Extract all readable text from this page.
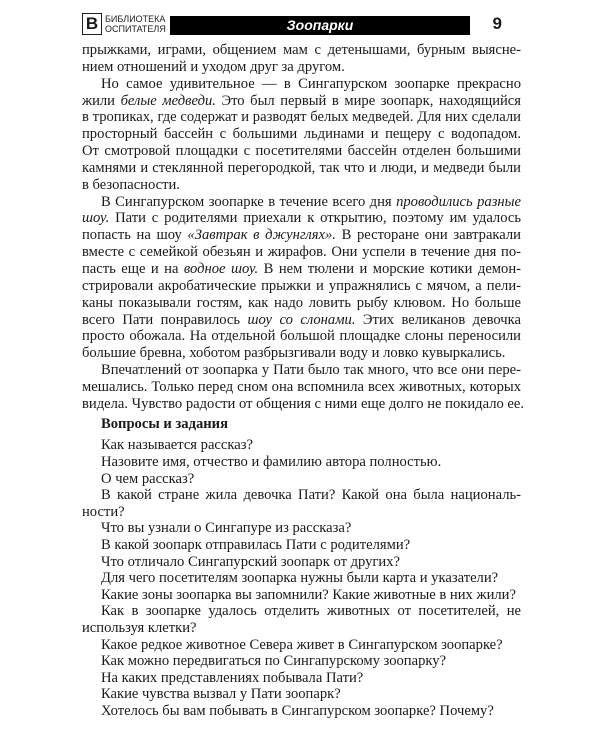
В БИБЛИОТЕКА
ОСПИТАТЕЛЯ	Зоопарки	9
прыжками, играми, общением мам с детенышами, бурным выясне-
нием отношений и уходом друг за другом.
Но самое удивительное — в Сингапурском зоопарке прекрасно
жили белые медведи. Это был первый в мире зоопарк, находящийся
в тропиках, где содержат и разводят белых медведей. Для них сделали
просторный бассейн с большими льдинами и пещеру с водопадом.
От смотровой площадки с посетителями бассейн отделен большими
камнями и стеклянной перегородкой, так что и люди, и медведи были
в безопасности.
В Сингапурском зоопарке в течение всего дня проводились разные
шоу. Пати с родителями приехали к открытию, поэтому им удалось
попасть на шоу «Завтрак в джунглях». В ресторане они завтракали
вместе с семейкой обезьян и жирафов. Они успели в течение дня по-
пасть еще и на водное шоу. В нем тюлени и морские котики демон-
стрировали акробатические прыжки и упражнялись с мячом, а пели-
каны показывали гостям, как надо ловить рыбу клювом. Но больше
всего Пати понравилось шоу со слонами. Этих великанов девочка
просто обожала. На отдельной большой площадке слоны переносили
большие бревна, хоботом разбрызгивали воду и ловко кувыркались.
Впечатлений от зоопарка у Пати было так много, что все они пере-
мешались. Только перед сном она вспомнила всех животных, которых
видела. Чувство радости от общения с ними еще долго не покидало ее.
Вопросы и задания
Как называется рассказ?
Назовите имя, отчество и фамилию автора полностью.
О чем рассказ?
В какой стране жила девочка Пати? Какой она была националь-
ности?
Что вы узнали о Сингапуре из рассказа?
В какой зоопарк отправилась Пати с родителями?
Что отличало Сингапурский зоопарк от других?
Для чего посетителям зоопарка нужны были карта и указатели?
Какие зоны зоопарка вы запомнили? Какие животные в них жили?
Как в зоопарке удалось отделить животных от посетителей, не
используя клетки?
Какое редкое животное Севера живет в Сингапурском зоопарке?
Как можно передвигаться по Сингапурскому зоопарку?
На каких представлениях побывала Пати?
Какие чувства вызвал у Пати зоопарк?
Хотелось бы вам побывать в Сингапурском зоопарке? Почему?
